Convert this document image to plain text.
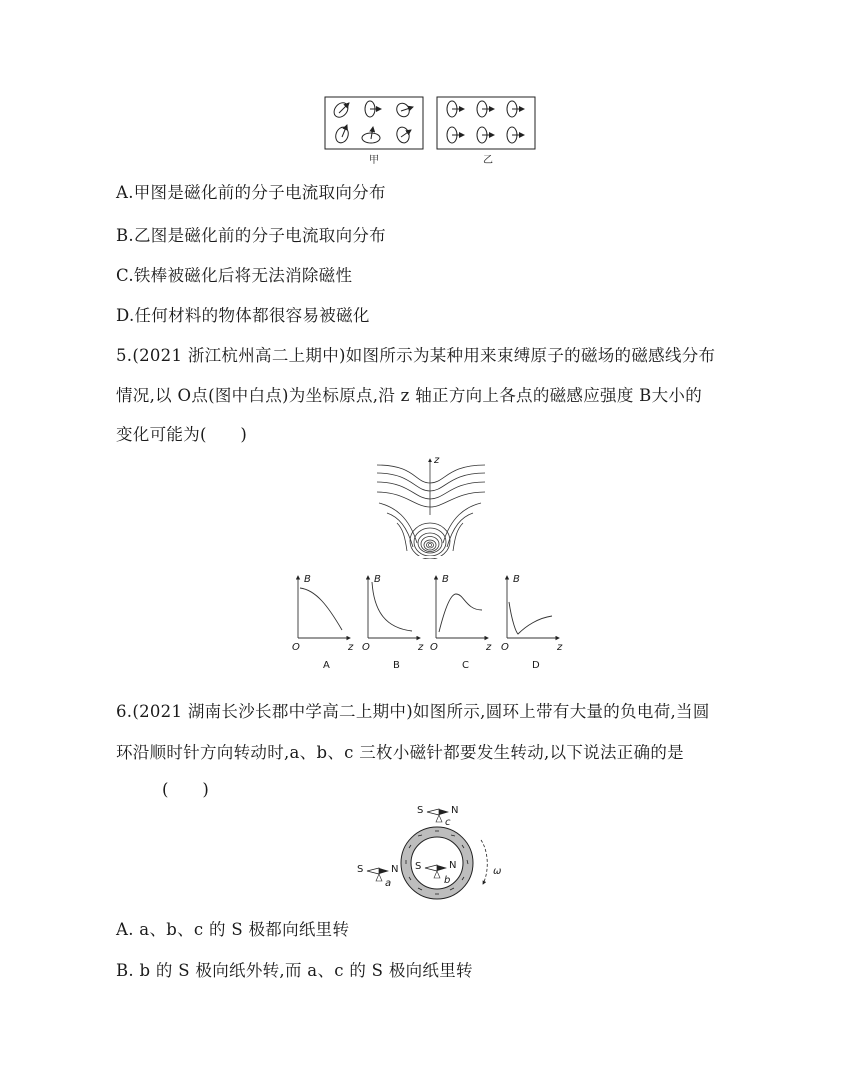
甲	乙
A.甲图是磁化前的分子电流取向分布
B.乙图是磁化前的分子电流取向分布
C.铁棒被磁化后将无法消除磁性
D.任何材料的物体都很容易被磁化
5.(2021 浙江杭州高二上期中)如图所示为某种用来束缚原子的磁场的磁感线分布
情况,以 O点(图中白点)为坐标原点,沿 z 轴正方向上各点的磁感应强度 B大小的
变化可能为(　　)
z
B	B	B	B
O	O	O	O
z	z	z	z
A	B	C	D
6.(2021 湖南长沙长郡中学高二上期中)如图所示,圆环上带有大量的负电荷,当圆
环沿顺时针方向转动时,a、b、c 三枚小磁针都要发生转动,以下说法正确的是
(　　)
S	N
c
S	N
b
S	N
a
ω
A. a、b、c 的 S 极都向纸里转
B. b 的 S 极向纸外转,而 a、c 的 S 极向纸里转
